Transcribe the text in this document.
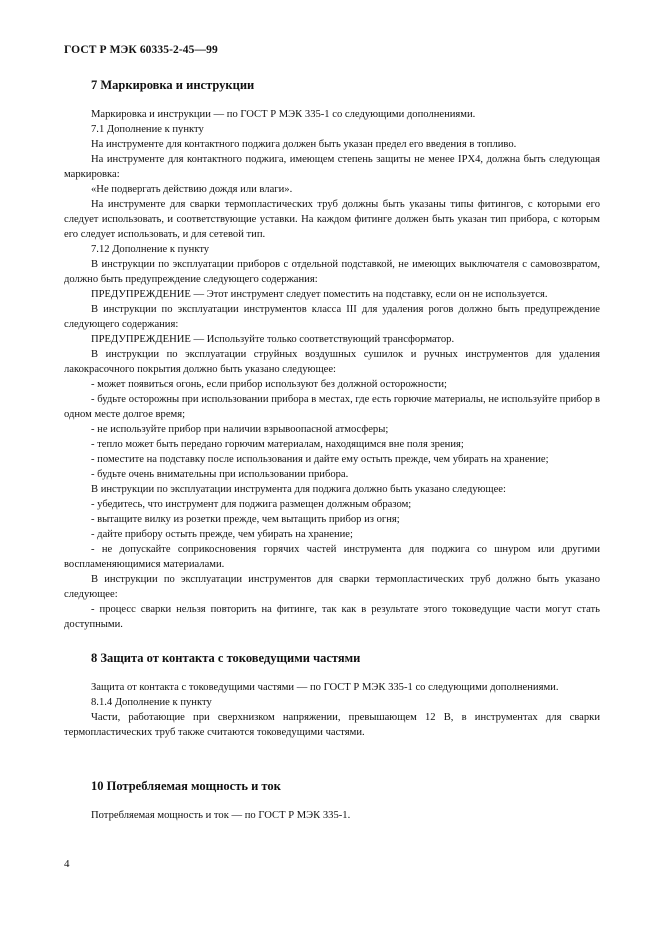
ГОСТ Р МЭК 60335-2-45—99
7 Маркировка и инструкции

Маркировка и инструкции — по ГОСТ Р МЭК 335-1 со следующими дополнениями.

7.1 Дополнение к пункту

На инструменте для контактного поджига должен быть указан предел его введения в топливо.

На инструменте для контактного поджига, имеющем степень защиты не менее IPX4, должна быть следующая маркировка:

«Не подвергать действию дождя или влаги».

На инструменте для сварки термопластических труб должны быть указаны типы фитингов, с которыми его следует использовать, и соответствующие уставки. На каждом фитинге должен быть указан тип прибора, с которым его следует использовать, и для сетевой тип.

7.12 Дополнение к пункту

В инструкции по эксплуатации приборов с отдельной подставкой, не имеющих выключателя с самовозвратом, должно быть предупреждение следующего содержания:

ПРЕДУПРЕЖДЕНИЕ — Этот инструмент следует поместить на подставку, если он не используется.

В инструкции по эксплуатации инструментов класса III для удаления рогов должно быть предупреждение следующего содержания:

ПРЕДУПРЕЖДЕНИЕ — Используйте только соответствующий трансформатор.

В инструкции по эксплуатации струйных воздушных сушилок и ручных инструментов для удаления лакокрасочного покрытия должно быть указано следующее:

- может появиться огонь, если прибор используют без должной осторожности;

- будьте осторожны при использовании прибора в местах, где есть горючие материалы, не используйте прибор в одном месте долгое время;

- не используйте прибор при наличии взрывоопасной атмосферы;

- тепло может быть передано горючим материалам, находящимся вне поля зрения;

- поместите на подставку после использования и дайте ему остыть прежде, чем убирать на хранение;

- будьте очень внимательны при использовании прибора.

В инструкции по эксплуатации инструмента для поджига должно быть указано следующее:

- убедитесь, что инструмент для поджига размещен должным образом;

- вытащите вилку из розетки прежде, чем вытащить прибор из огня;

- дайте прибору остыть прежде, чем убирать на хранение;

- не допускайте соприкосновения горячих частей инструмента для поджига со шнуром или другими воспламеняющимися материалами.

В инструкции по эксплуатации инструментов для сварки термопластических труб должно быть указано следующее:

- процесс сварки нельзя повторить на фитинге, так как в результате этого токоведущие части могут стать доступными.

8 Защита от контакта с токоведущими частями

Защита от контакта с токоведущими частями — по ГОСТ Р МЭК 335-1 со следующими дополнениями.

8.1.4 Дополнение к пункту

Части, работающие при сверхнизком напряжении, превышающем 12 В, в инструментах для сварки термопластических труб также считаются токоведущими частями.

10 Потребляемая мощность и ток

Потребляемая мощность и ток — по ГОСТ Р МЭК 335-1.

4
